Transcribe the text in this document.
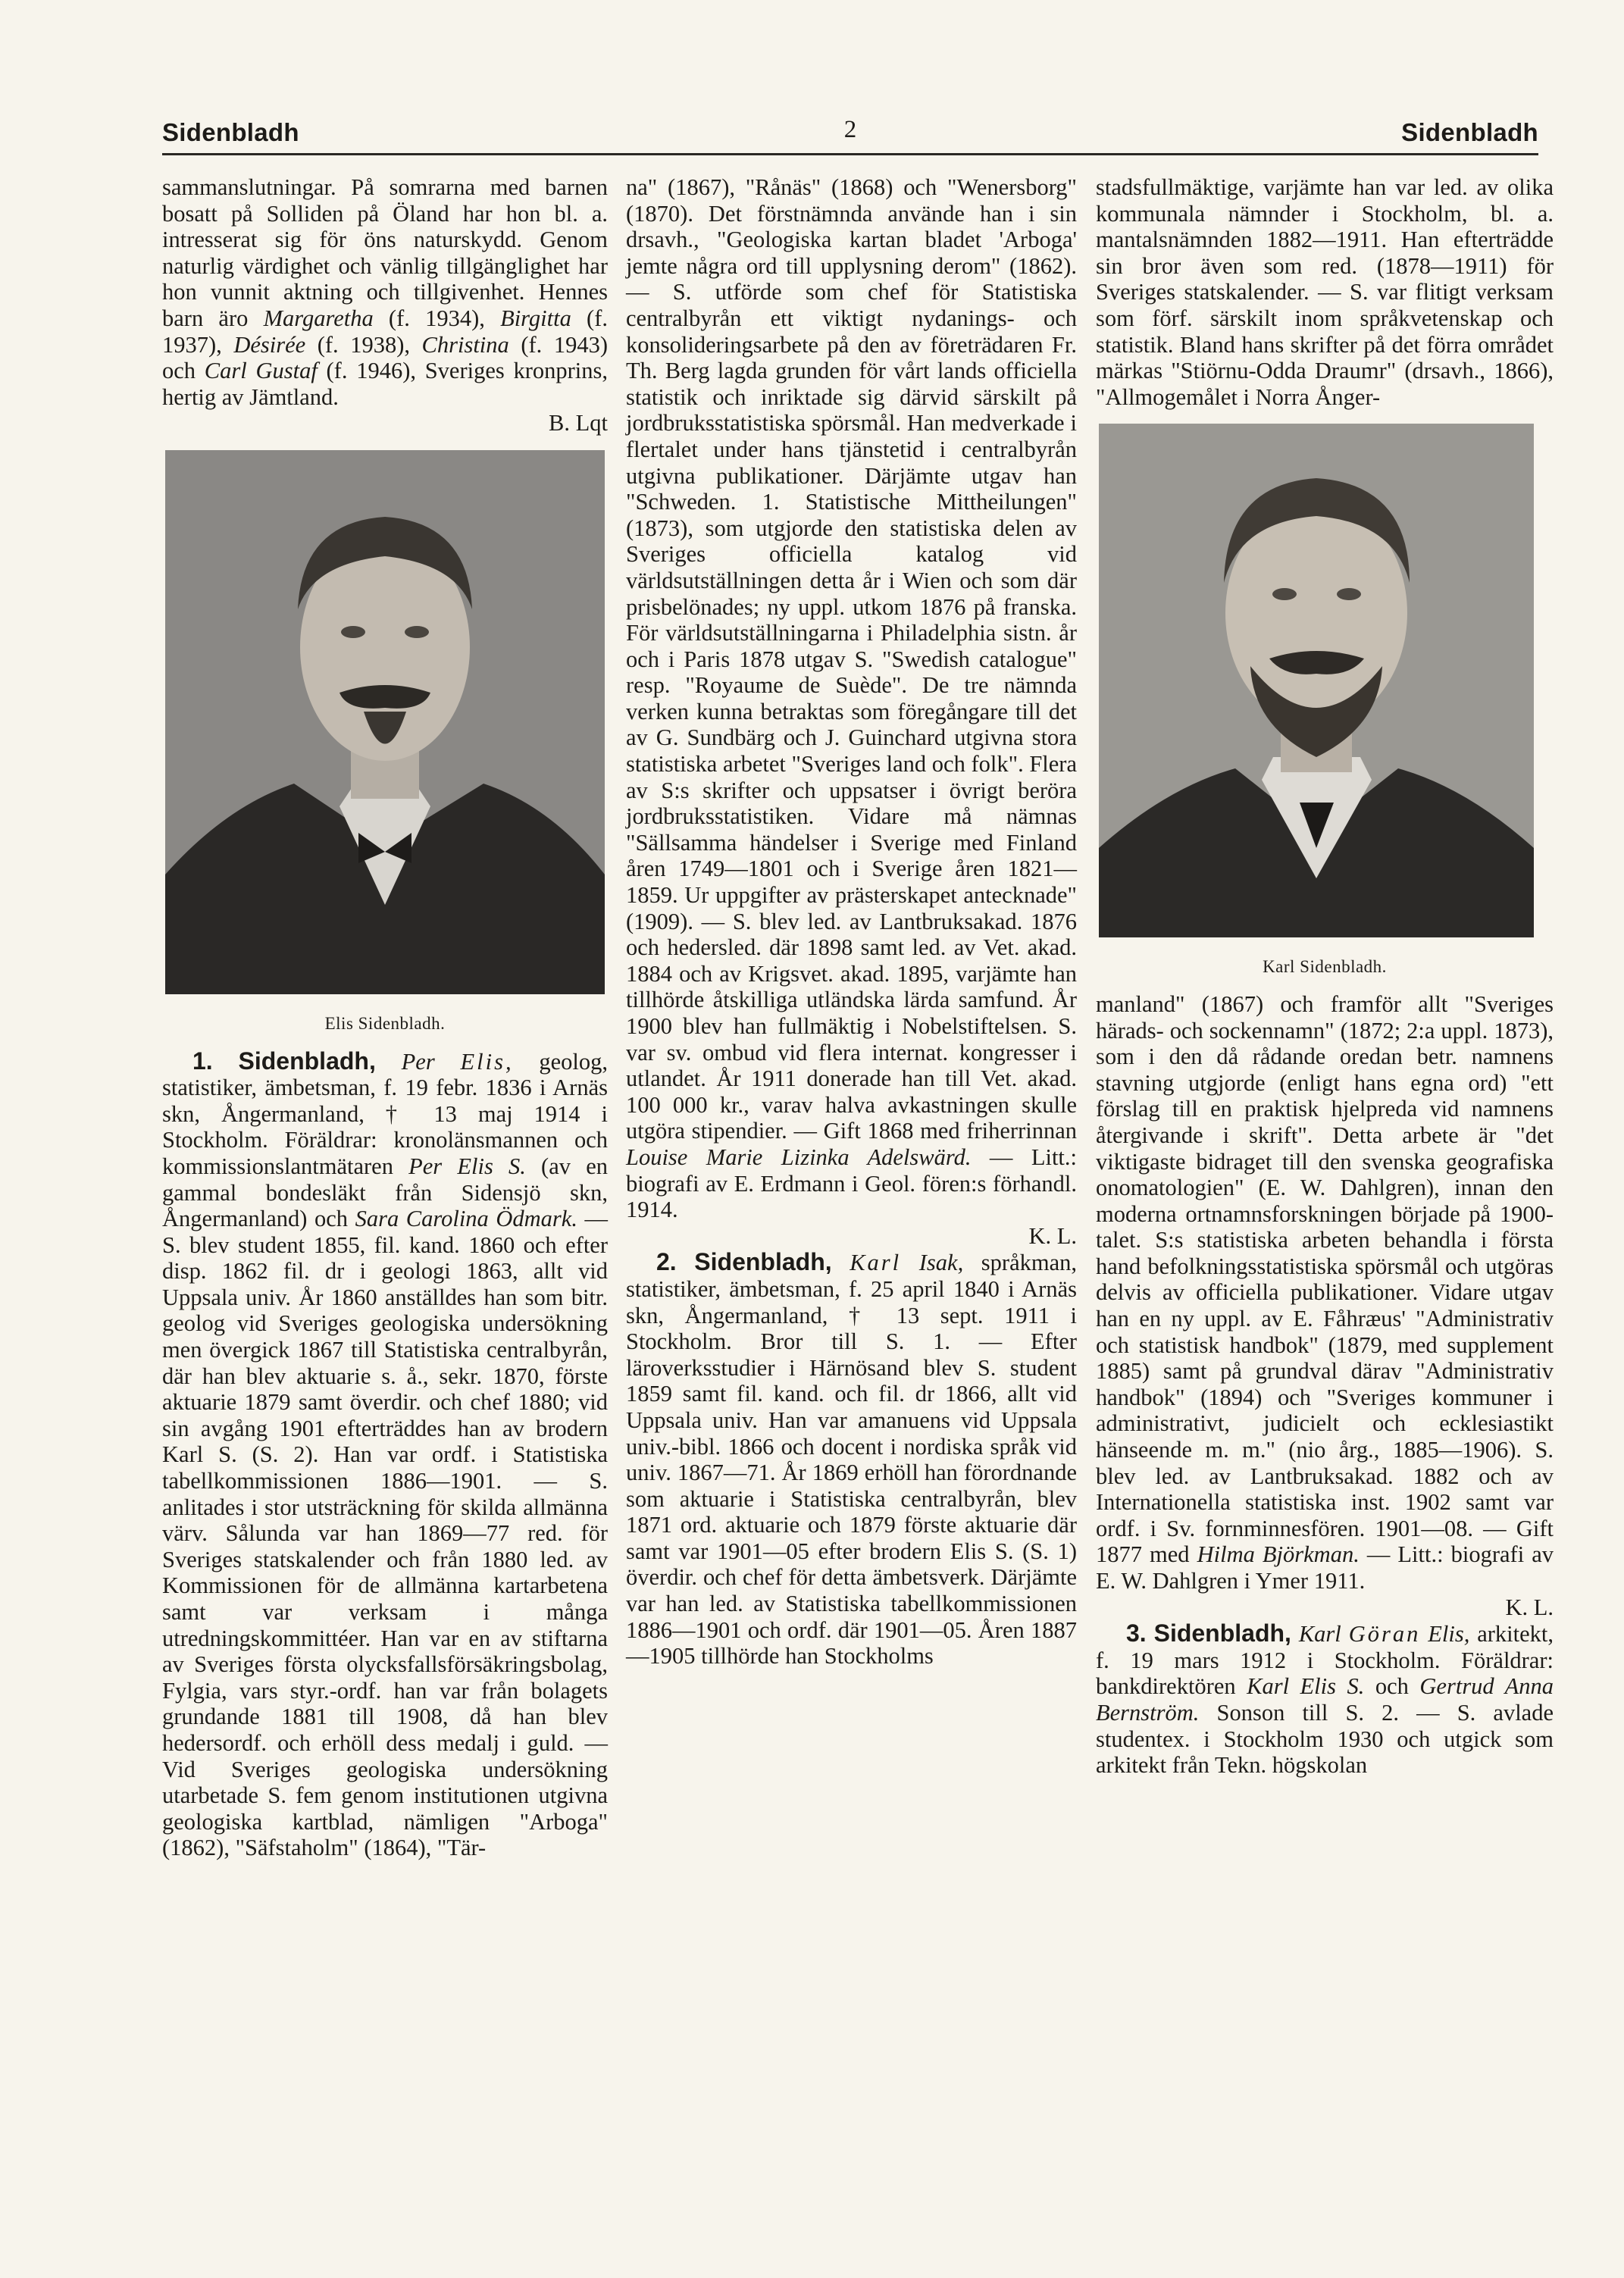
Sidenbladh	2	Sidenbladh

sammanslutningar. På somrarna med barnen bosatt på Solliden på Öland har hon bl. a. intresserat sig för öns naturskydd. Genom naturlig värdighet och vänlig tillgänglighet har hon vunnit aktning och tillgivenhet. Hennes barn äro Margaretha (f. 1934), Birgitta (f. 1937), Désirée (f. 1938), Christina (f. 1943) och Carl Gustaf (f. 1946), Sveriges kronprins, hertig av Jämtland.
B. Lqt

Elis Sidenbladh.

1. Sidenbladh, Per Elis, geolog, statistiker, ämbetsman, f. 19 febr. 1836 i Arnäs skn, Ångermanland, † 13 maj 1914 i Stockholm. Föräldrar: kronolänsmannen och kommissionslantmätaren Per Elis S. (av en gammal bondesläkt från Sidensjö skn, Ångermanland) och Sara Carolina Ödmark. — S. blev student 1855, fil. kand. 1860 och efter disp. 1862 fil. dr i geologi 1863, allt vid Uppsala univ. År 1860 anställdes han som bitr. geolog vid Sveriges geologiska undersökning men övergick 1867 till Statistiska centralbyrån, där han blev aktuarie s. å., sekr. 1870, förste aktuarie 1879 samt överdir. och chef 1880; vid sin avgång 1901 efterträddes han av brodern Karl S. (S. 2). Han var ordf. i Statistiska tabellkommissionen 1886—1901. — S. anlitades i stor utsträckning för skilda allmänna värv. Sålunda var han 1869—77 red. för Sveriges statskalender och från 1880 led. av Kommissionen för de allmänna kartarbetena samt var verksam i många utredningskommittéer. Han var en av stiftarna av Sveriges första olycksfallsförsäkringsbolag, Fylgia, vars styr.-ordf. han var från bolagets grundande 1881 till 1908, då han blev hedersordf. och erhöll dess medalj i guld. — Vid Sveriges geologiska undersökning utarbetade S. fem genom institutionen utgivna geologiska kartblad, nämligen "Arboga" (1862), "Säfstaholm" (1864), "Tär-

na" (1867), "Rånäs" (1868) och "Wenersborg" (1870). Det förstnämnda använde han i sin drsavh., "Geologiska kartan bladet 'Arboga' jemte några ord till upplysning derom" (1862). — S. utförde som chef för Statistiska centralbyrån ett viktigt nydanings- och konsolideringsarbete på den av företrädaren Fr. Th. Berg lagda grunden för vårt lands officiella statistik och inriktade sig därvid särskilt på jordbruksstatistiska spörsmål. Han medverkade i flertalet under hans tjänstetid i centralbyrån utgivna publikationer. Därjämte utgav han "Schweden. 1. Statistische Mittheilungen" (1873), som utgjorde den statistiska delen av Sveriges officiella katalog vid världsutställningen detta år i Wien och som där prisbelönades; ny uppl. utkom 1876 på franska. För världsutställningarna i Philadelphia sistn. år och i Paris 1878 utgav S. "Swedish catalogue" resp. "Royaume de Suède". De tre nämnda verken kunna betraktas som föregångare till det av G. Sundbärg och J. Guinchard utgivna stora statistiska arbetet "Sveriges land och folk". Flera av S:s skrifter och uppsatser i övrigt beröra jordbruksstatistiken. Vidare må nämnas "Sällsamma händelser i Sverige med Finland åren 1749—1801 och i Sverige åren 1821—1859. Ur uppgifter av prästerskapet antecknade" (1909). — S. blev led. av Lantbruksakad. 1876 och hedersled. där 1898 samt led. av Vet. akad. 1884 och av Krigsvet. akad. 1895, varjämte han tillhörde åtskilliga utländska lärda samfund. År 1900 blev han fullmäktig i Nobelstiftelsen. S. var sv. ombud vid flera internat. kongresser i utlandet. År 1911 donerade han till Vet. akad. 100 000 kr., varav halva avkastningen skulle utgöra stipendier. — Gift 1868 med friherrinnan Louise Marie Lizinka Adelswärd. — Litt.: biografi av E. Erdmann i Geol. fören:s förhandl. 1914.
K. L.

2. Sidenbladh, Karl Isak, språkman, statistiker, ämbetsman, f. 25 april 1840 i Arnäs skn, Ångermanland, † 13 sept. 1911 i Stockholm. Bror till S. 1. — Efter läroverksstudier i Härnösand blev S. student 1859 samt fil. kand. och fil. dr 1866, allt vid Uppsala univ. Han var amanuens vid Uppsala univ.-bibl. 1866 och docent i nordiska språk vid univ. 1867—71. År 1869 erhöll han förordnande som aktuarie i Statistiska centralbyrån, blev 1871 ord. aktuarie och 1879 förste aktuarie där samt var 1901—05 efter brodern Elis S. (S. 1) överdir. och chef för detta ämbetsverk. Därjämte var han led. av Statistiska tabellkommissionen 1886—1901 och ordf. där 1901—05. Åren 1887—1905 tillhörde han Stockholms

stadsfullmäktige, varjämte han var led. av olika kommunala nämnder i Stockholm, bl. a. mantalsnämnden 1882—1911. Han efterträdde sin bror även som red. (1878—1911) för Sveriges statskalender. — S. var flitigt verksam som förf. särskilt inom språkvetenskap och statistik. Bland hans skrifter på det förra området märkas "Stiörnu-Odda Draumr" (drsavh., 1866), "Allmogemålet i Norra Ånger-

Karl Sidenbladh.

manland" (1867) och framför allt "Sveriges härads- och sockennamn" (1872; 2:a uppl. 1873), som i den då rådande oredan betr. namnens stavning utgjorde (enligt hans egna ord) "ett förslag till en praktisk hjelpreda vid namnens återgivande i skrift". Detta arbete är "det viktigaste bidraget till den svenska geografiska onomatologien" (E. W. Dahlgren), innan den moderna ortnamnsforskningen började på 1900-talet. S:s statistiska arbeten behandla i första hand befolkningsstatistiska spörsmål och utgöras delvis av officiella publikationer. Vidare utgav han en ny uppl. av E. Fåhræus' "Administrativ och statistisk handbok" (1879, med supplement 1885) samt på grundval därav "Administrativ handbok" (1894) och "Sveriges kommuner i administrativt, judicielt och ecklesiastikt hänseende m. m." (nio årg., 1885—1906). S. blev led. av Lantbruksakad. 1882 och av Internationella statistiska inst. 1902 samt var ordf. i Sv. fornminnesfören. 1901—08. — Gift 1877 med Hilma Björkman. — Litt.: biografi av E. W. Dahlgren i Ymer 1911.
K. L.

3. Sidenbladh, Karl Göran Elis, arkitekt, f. 19 mars 1912 i Stockholm. Föräldrar: bankdirektören Karl Elis S. och Gertrud Anna Bernström. Sonson till S. 2. — S. avlade studentex. i Stockholm 1930 och utgick som arkitekt från Tekn. högskolan
